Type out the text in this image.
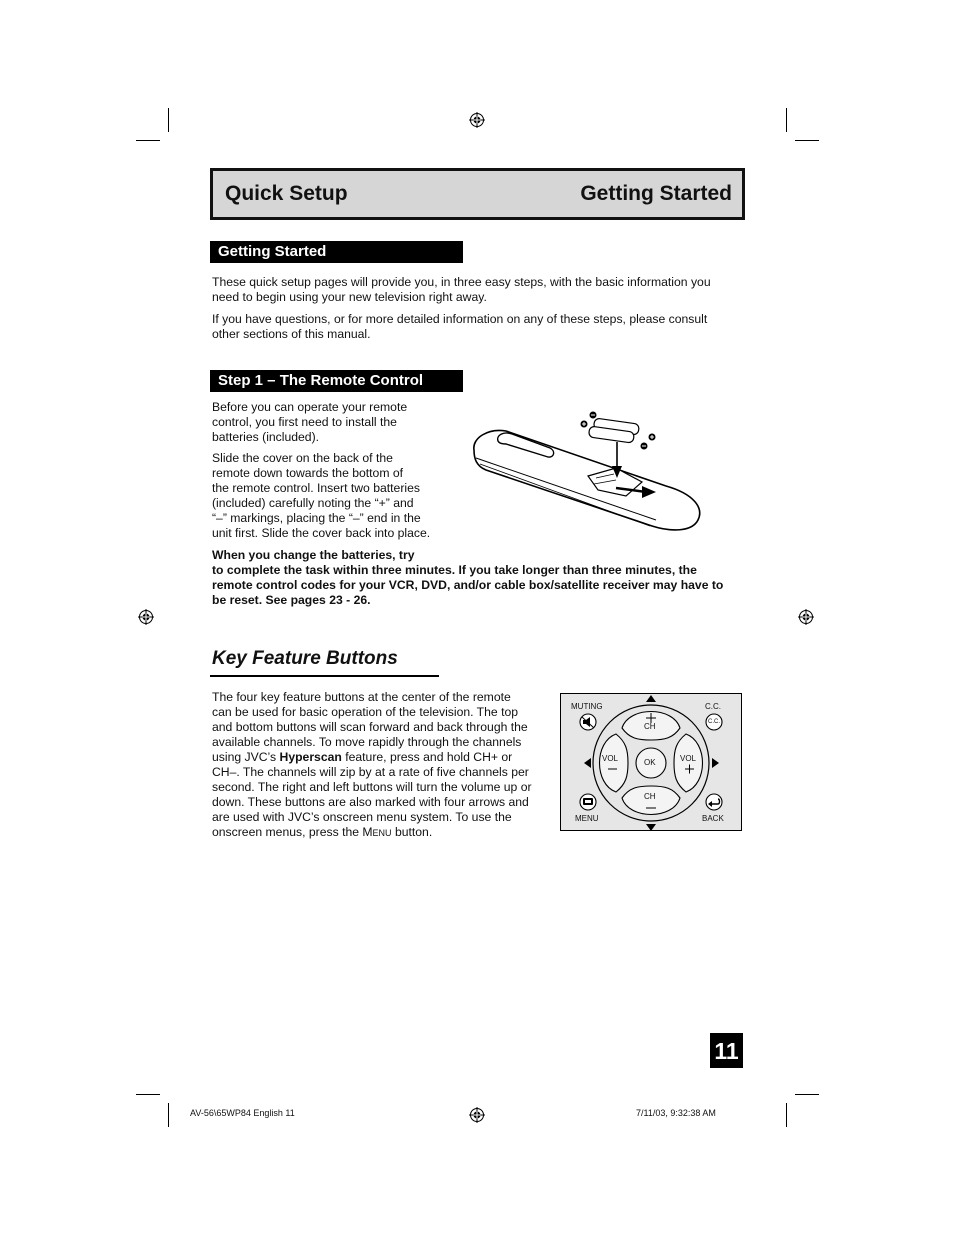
Quick Setup	Getting Started
Getting Started

These quick setup pages will provide you, in three easy steps, with the basic information you

need to begin using your new television right away.

If you have questions, or for more detailed information on any of these steps, please consult

other sections of this manual.

Step 1 – The Remote Control

Before you can operate your remote

control, you first need to install the

batteries (included).

Slide the cover on the back of the

remote down towards the bottom of

the remote control. Insert two batteries

(included) carefully noting the “+” and

“–” markings, placing the “–” end in the

unit first. Slide the cover back into place.

When you change the batteries, try

to complete the task within three minutes. If you take longer than three minutes, the

remote control codes for your VCR, DVD, and/or cable box/satellite receiver may have to

be reset. See pages 23 - 26.

Key Feature Buttons

The four key feature buttons at the center of the remote

can be used for basic operation of the television. The top

and bottom buttons will scan forward and back through the

available channels. To move rapidly through the channels

using JVC’s Hyperscan feature, press and hold CH+ or

CH–. The channels will zip by at a rate of five channels per

second. The right and left buttons will turn the volume up or

down. These buttons are also marked with four arrows and

are used with JVC’s onscreen menu system. To use the

onscreen menus, press the MENU button.

MUTING	C.C.
C.C.
MENU	BACK
CH
CH
VOL	VOL
OK
11
AV-56\65WP84 English 11	7/11/03, 9:32:38 AM
